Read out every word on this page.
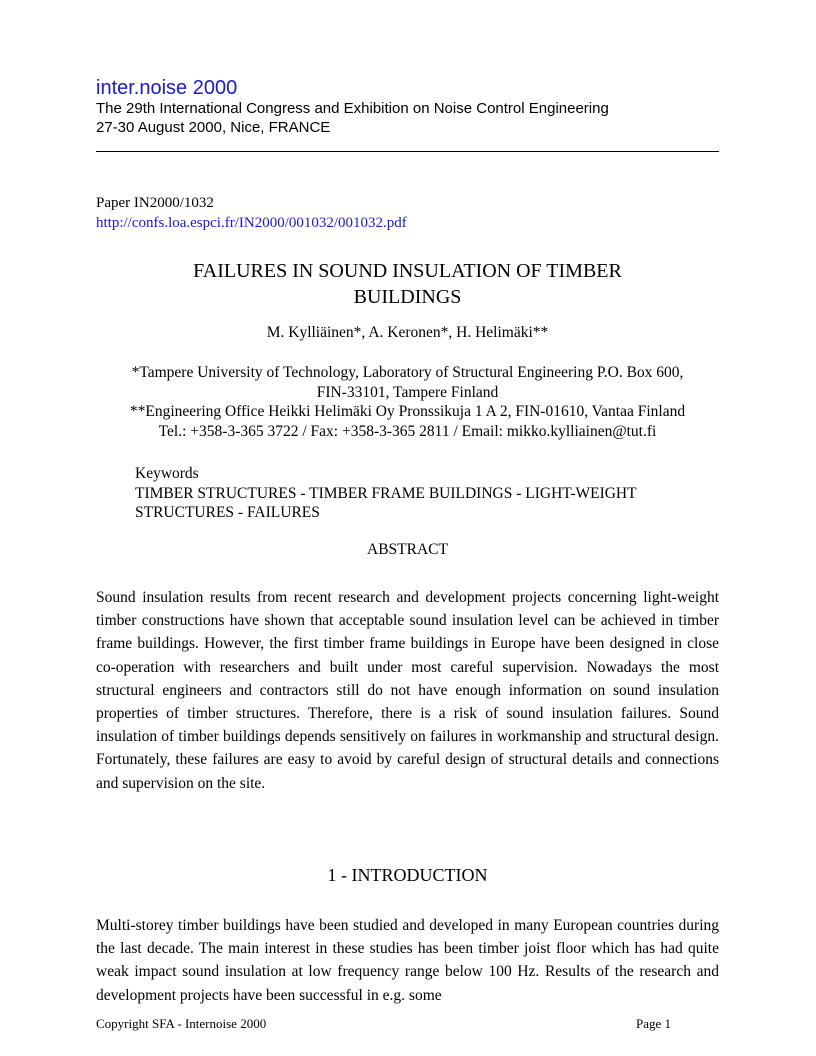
inter.noise 2000
The 29th International Congress and Exhibition on Noise Control Engineering
27-30 August 2000, Nice, FRANCE
Paper IN2000/1032
http://confs.loa.espci.fr/IN2000/001032/001032.pdf
FAILURES IN SOUND INSULATION OF TIMBER
BUILDINGS
M. Kylliäinen*, A. Keronen*, H. Helimäki**
*Tampere University of Technology, Laboratory of Structural Engineering P.O. Box 600,
FIN-33101, Tampere Finland
**Engineering Office Heikki Helimäki Oy Pronssikuja 1 A 2, FIN-01610, Vantaa Finland
Tel.: +358-3-365 3722 / Fax: +358-3-365 2811 / Email: mikko.kylliainen@tut.fi
Keywords
TIMBER STRUCTURES - TIMBER FRAME BUILDINGS - LIGHT-WEIGHT STRUCTURES - FAILURES
ABSTRACT
Sound insulation results from recent research and development projects concerning light-weight timber constructions have shown that acceptable sound insulation level can be achieved in timber frame buildings. However, the first timber frame buildings in Europe have been designed in close co-operation with researchers and built under most careful supervision. Nowadays the most structural engineers and contractors still do not have enough information on sound insulation properties of timber structures. Therefore, there is a risk of sound insulation failures. Sound insulation of timber buildings depends sensitively on failures in workmanship and structural design. Fortunately, these failures are easy to avoid by careful design of structural details and connections and supervision on the site.
1 - INTRODUCTION
Multi-storey timber buildings have been studied and developed in many European countries during the last decade. The main interest in these studies has been timber joist floor which has had quite weak impact sound insulation at low frequency range below 100 Hz. Results of the research and development projects have been successful in e.g. some
Copyright SFA - Internoise 2000	Page 1
